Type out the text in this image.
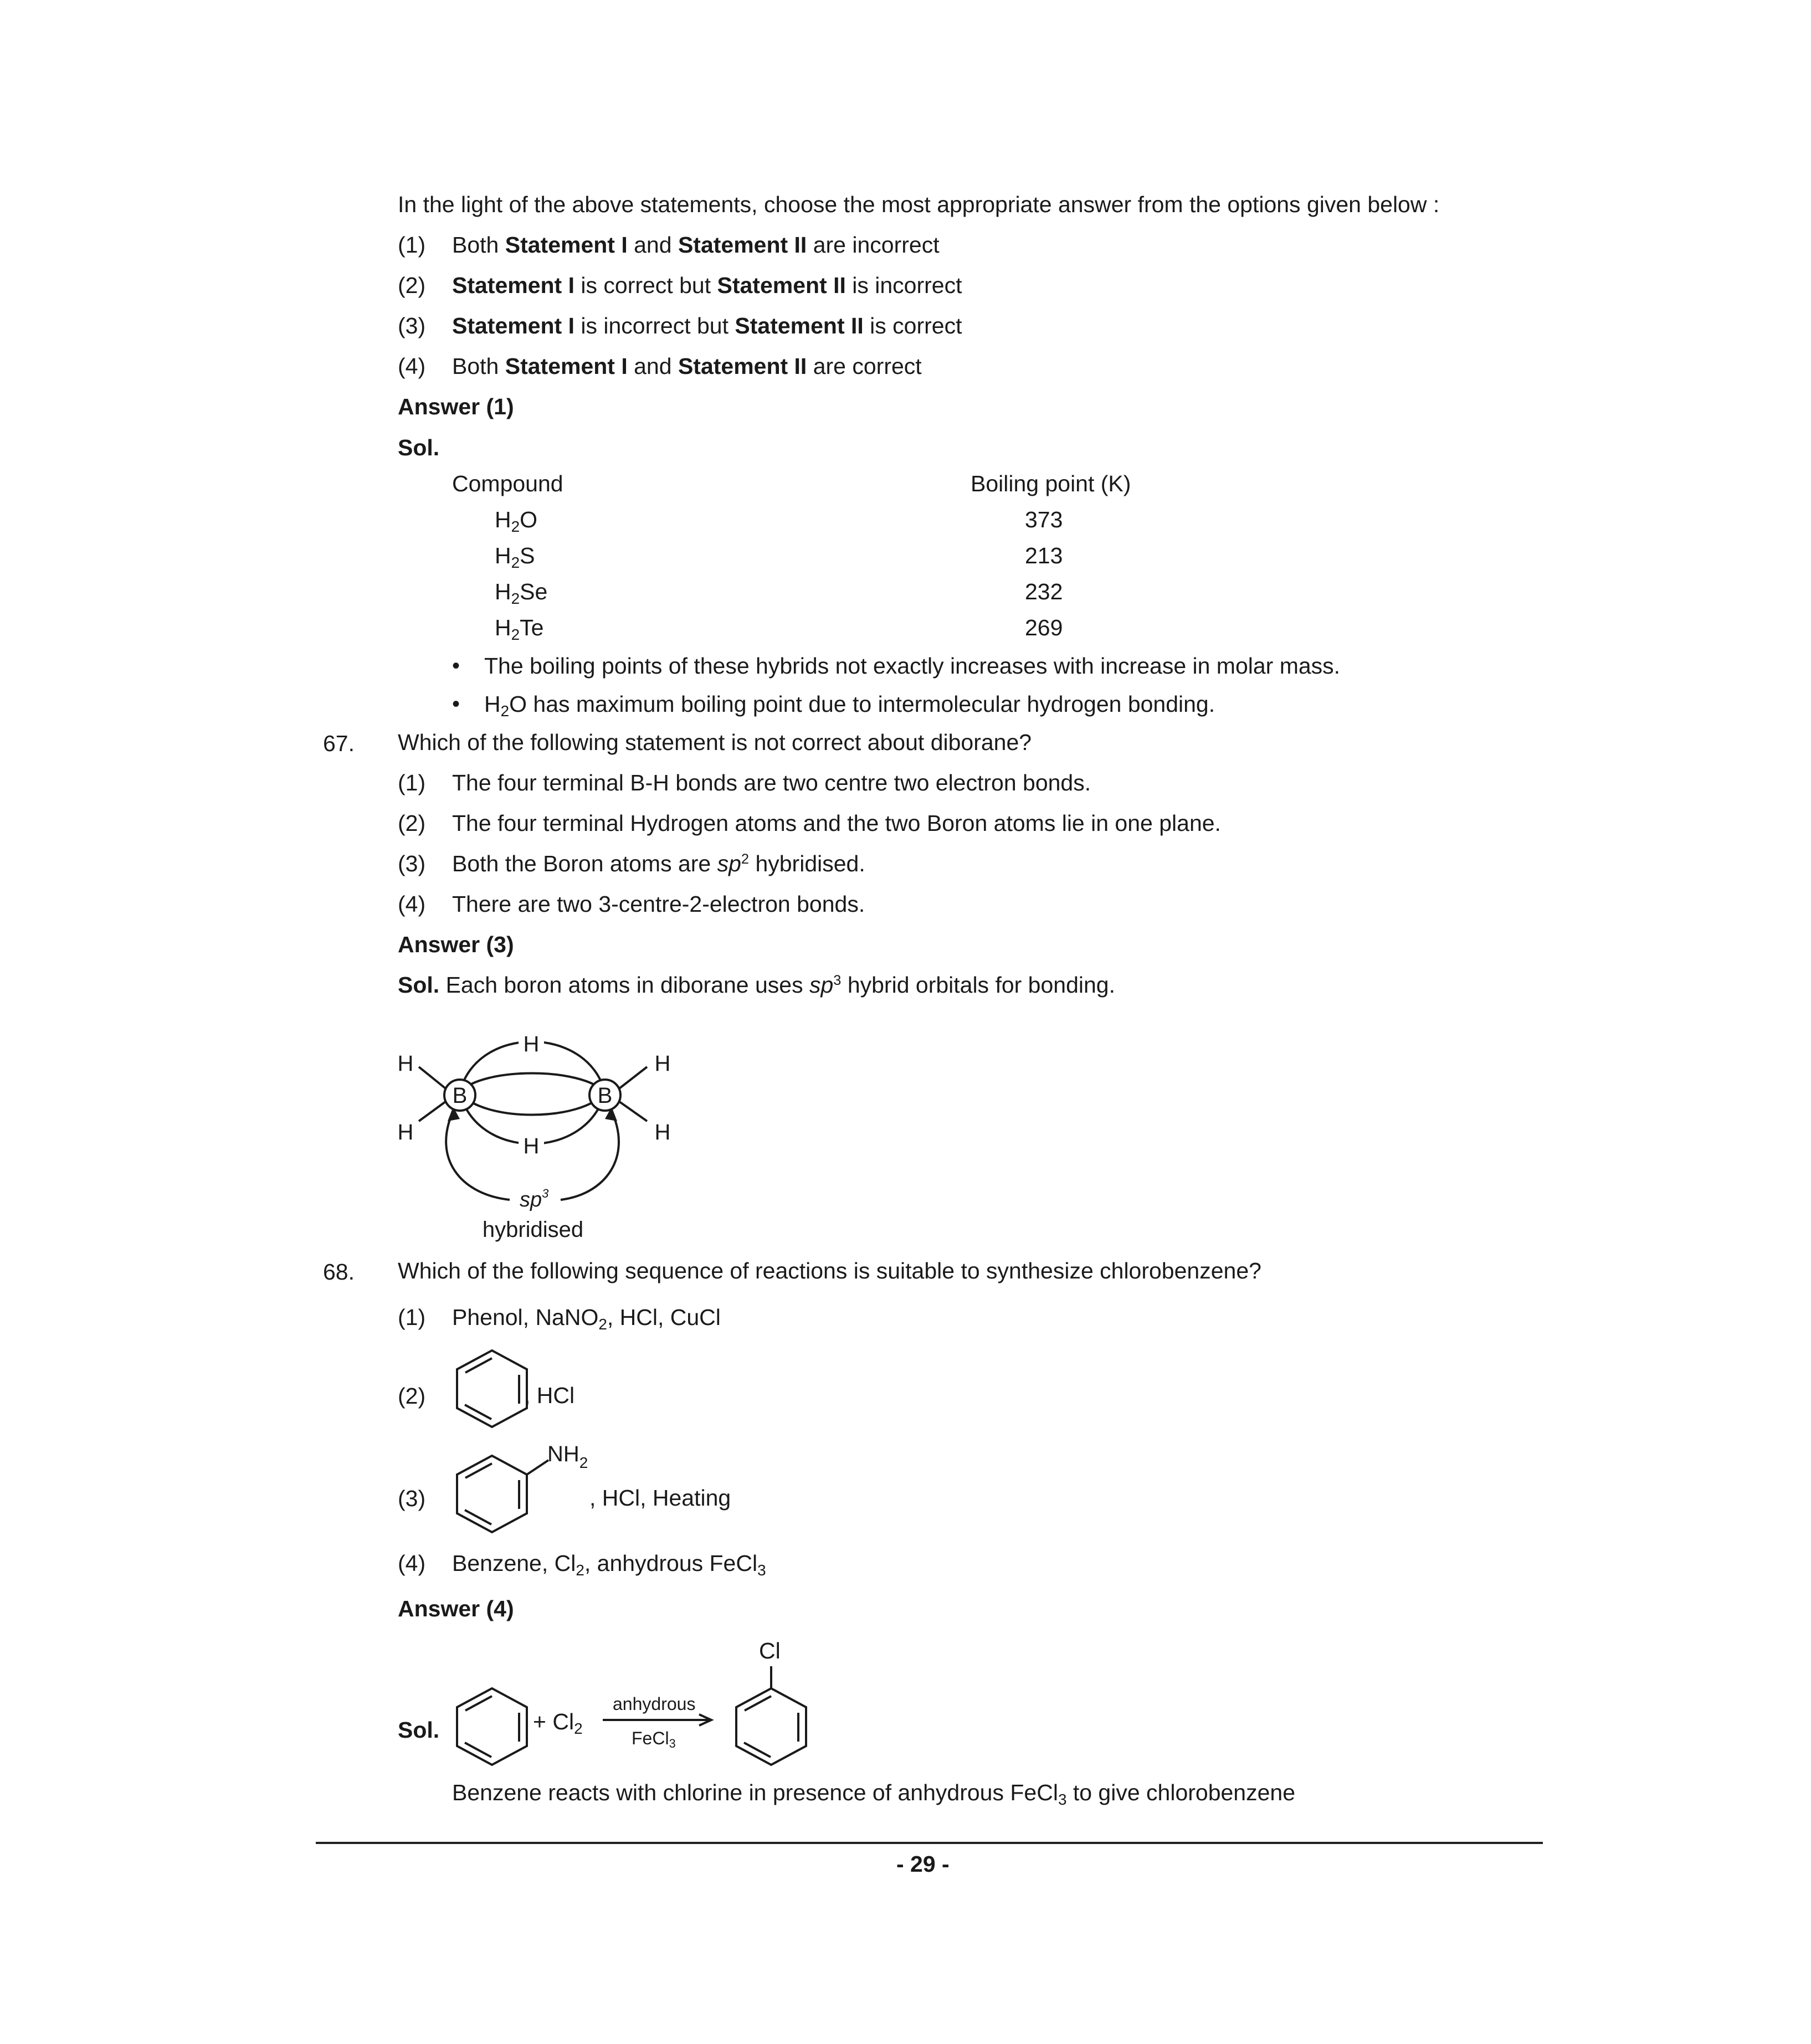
In the light of the above statements, choose the most appropriate answer from the options given below :
(1) Both Statement I and Statement II are incorrect
(2) Statement I is correct but Statement II is incorrect
(3) Statement I is incorrect but Statement II is correct
(4) Both Statement I and Statement II are correct
Answer (1)
Sol.
Compound	Boiling point (K)
$H_2O$	373
$H_2S$	213
$H_2Se$	232
$H_2Te$	269
• The boiling points of these hybrids not exactly increases with increase in molar mass.
• $H_2O$ has maximum boiling point due to intermolecular hydrogen bonding.
67. Which of the following statement is not correct about diborane?
(1) The four terminal B-H bonds are two centre two electron bonds.
(2) The four terminal Hydrogen atoms and the two Boron atoms lie in one plane.
(3) Both the Boron atoms are $sp^2$ hybridised.
(4) There are two 3-centre-2-electron bonds.
Answer (3)
Sol. Each boron atoms in diborane uses $sp^3$ hybrid orbitals for bonding.
B	B
H
H
H
H
H
H
$sp^3$
hybridised
68. Which of the following sequence of reactions is suitable to synthesize chlorobenzene?
(1) Phenol, NaNO$_2$, HCl, CuCl
(2)	, HCl
(3)
$NH_2$
, HCl, Heating
(4) Benzene, $Cl_2$, anhydrous FeCl$_3$
Answer (4)
Sol.	+ $Cl_2$
anhydrous
FeCl$_3$
Cl
Benzene reacts with chlorine in presence of anhydrous FeCl$_3$ to give chlorobenzene
- 29 -
